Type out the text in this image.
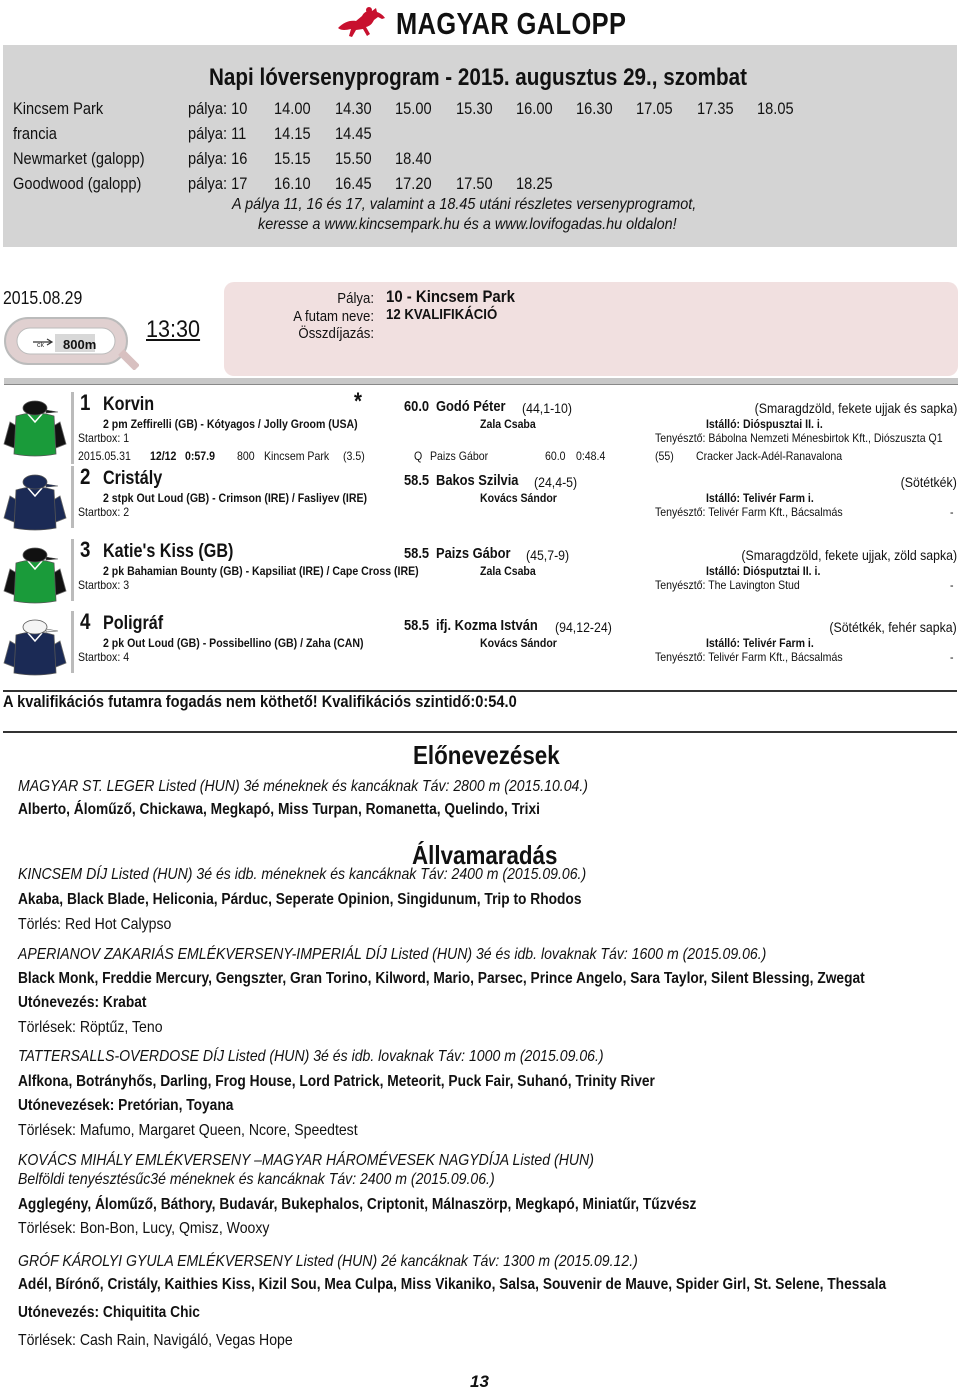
MAGYAR GALOPP
Napi lóversenyprogram - 2015. augusztus 29., szombat
Kincsem Park	pálya: 10 14.00 14.30 15.00 15.30 16.00 16.30 17.05 17.35 18.05
francia	pálya: 11 14.15 14.45
Newmarket (galopp)	pálya: 16 15.15 15.50 18.40
Goodwood (galopp)	pálya: 17 16.10 16.45 17.20 17.50 18.25
A pálya 11, 16 és 17, valamint a 18.45 utáni részletes versenyprogramot,
keresse a www.kincsempark.hu és a www.lovifogadas.hu oldalon!
2015.08.29
800m
ck
13:30
Pálya: 10 - Kincsem Park
A futam neve: 12 KVALIFIKÁCIÓ
Összdíjazás:
1 Korvin	*	60.0 Godó Péter (44,1-10)	(Smaragdzöld, fekete ujjak és sapka)
2 pm Zeffirelli (GB) - Kótyagos / Jolly Groom (USA)	Zala Csaba	Istálló: Dióspusztai II. i.
Startbox: 1	Tenyésztő: Bábolna Nemzeti Ménesbirtok Kft., Diószuszta Q1
2015.05.31 12/12 0:57.9 800 Kincsem Park (3.5)	Q Paizs Gábor	60.0 0:48.4	(55) Cracker Jack-Adél-Ranavalona
2 Cristály	58.5 Bakos Szilvia (24,4-5)	(Sötétkék)
2 stpk Out Loud (GB) - Crimson (IRE) / Fasliyev (IRE)	Kovács Sándor	Istálló: Telivér Farm i.
Startbox: 2	Tenyésztő: Telivér Farm Kft., Bácsalmás	-
3 Katie's Kiss (GB)	58.5 Paizs Gábor (45,7-9)	(Smaragdzöld, fekete ujjak, zöld sapka)
2 pk Bahamian Bounty (GB) - Kapsiliat (IRE) / Cape Cross (IRE)	Zala Csaba	Istálló: Diósputztai II. i.
Startbox: 3	Tenyésztő: The Lavington Stud	-
4 Poligráf	58.5 ifj. Kozma István (94,12-24)	(Sötétkék, fehér sapka)
2 pk Out Loud (GB) - Possibellino (GB) / Zaha (CAN)	Kovács Sándor	Istálló: Telivér Farm i.
Startbox: 4	Tenyésztő: Telivér Farm Kft., Bácsalmás	-
A kvalifikációs futamra fogadás nem köthető! Kvalifikációs szintidő:0:54.0
Előnevezések
MAGYAR ST. LEGER Listed (HUN) 3é méneknek és kancáknak Táv: 2800 m (2015.10.04.)
Alberto, Áloműző, Chickawa, Megkapó, Miss Turpan, Romanetta, Quelindo, Trixi
Állvamaradás
KINCSEM DÍJ Listed (HUN) 3é és idb. méneknek és kancáknak Táv: 2400 m (2015.09.06.)
Akaba, Black Blade, Heliconia, Párduc, Seperate Opinion, Singidunum, Trip to Rhodos
Törlés: Red Hot Calypso
APERIANOV ZAKARIÁS EMLÉKVERSENY-IMPERIÁL DÍJ Listed (HUN) 3é és idb. lovaknak Táv: 1600 m (2015.09.06.)
Black Monk, Freddie Mercury, Gengszter, Gran Torino, Kilword, Mario, Parsec, Prince Angelo, Sara Taylor, Silent Blessing, Zwegat
Utónevezés: Krabat
Törlések: Röptűz, Teno
TATTERSALLS-OVERDOSE DÍJ Listed (HUN) 3é és idb. lovaknak Táv: 1000 m (2015.09.06.)
Alfkona, Botrányhős, Darling, Frog House, Lord Patrick, Meteorit, Puck Fair, Suhanó, Trinity River
Utónevezések: Pretórian, Toyana
Törlések: Mafumo, Margaret Queen, Ncore, Speedtest
KOVÁCS MIHÁLY EMLÉKVERSENY –MAGYAR HÁROMÉVESEK NAGYDÍJA Listed (HUN)
Belföldi tenyésztésűc3é méneknek és kancáknak Táv: 2400 m (2015.09.06.)
Agglegény, Áloműző, Báthory, Budavár, Bukephalos, Criptonit, Málnaszörp, Megkapó, Miniatűr, Tűzvész
Törlések: Bon-Bon, Lucy, Qmisz, Wooxy
GRÓF KÁROLYI GYULA EMLÉKVERSENY Listed (HUN) 2é kancáknak Táv: 1300 m (2015.09.12.)
Adél, Bírónő, Cristály, Kaithies Kiss, Kizil Sou, Mea Culpa, Miss Vikaniko, Salsa, Souvenir de Mauve, Spider Girl, St. Selene, Thessala
Utónevezés: Chiquitita Chic
Törlések: Cash Rain, Navigáló, Vegas Hope
13
